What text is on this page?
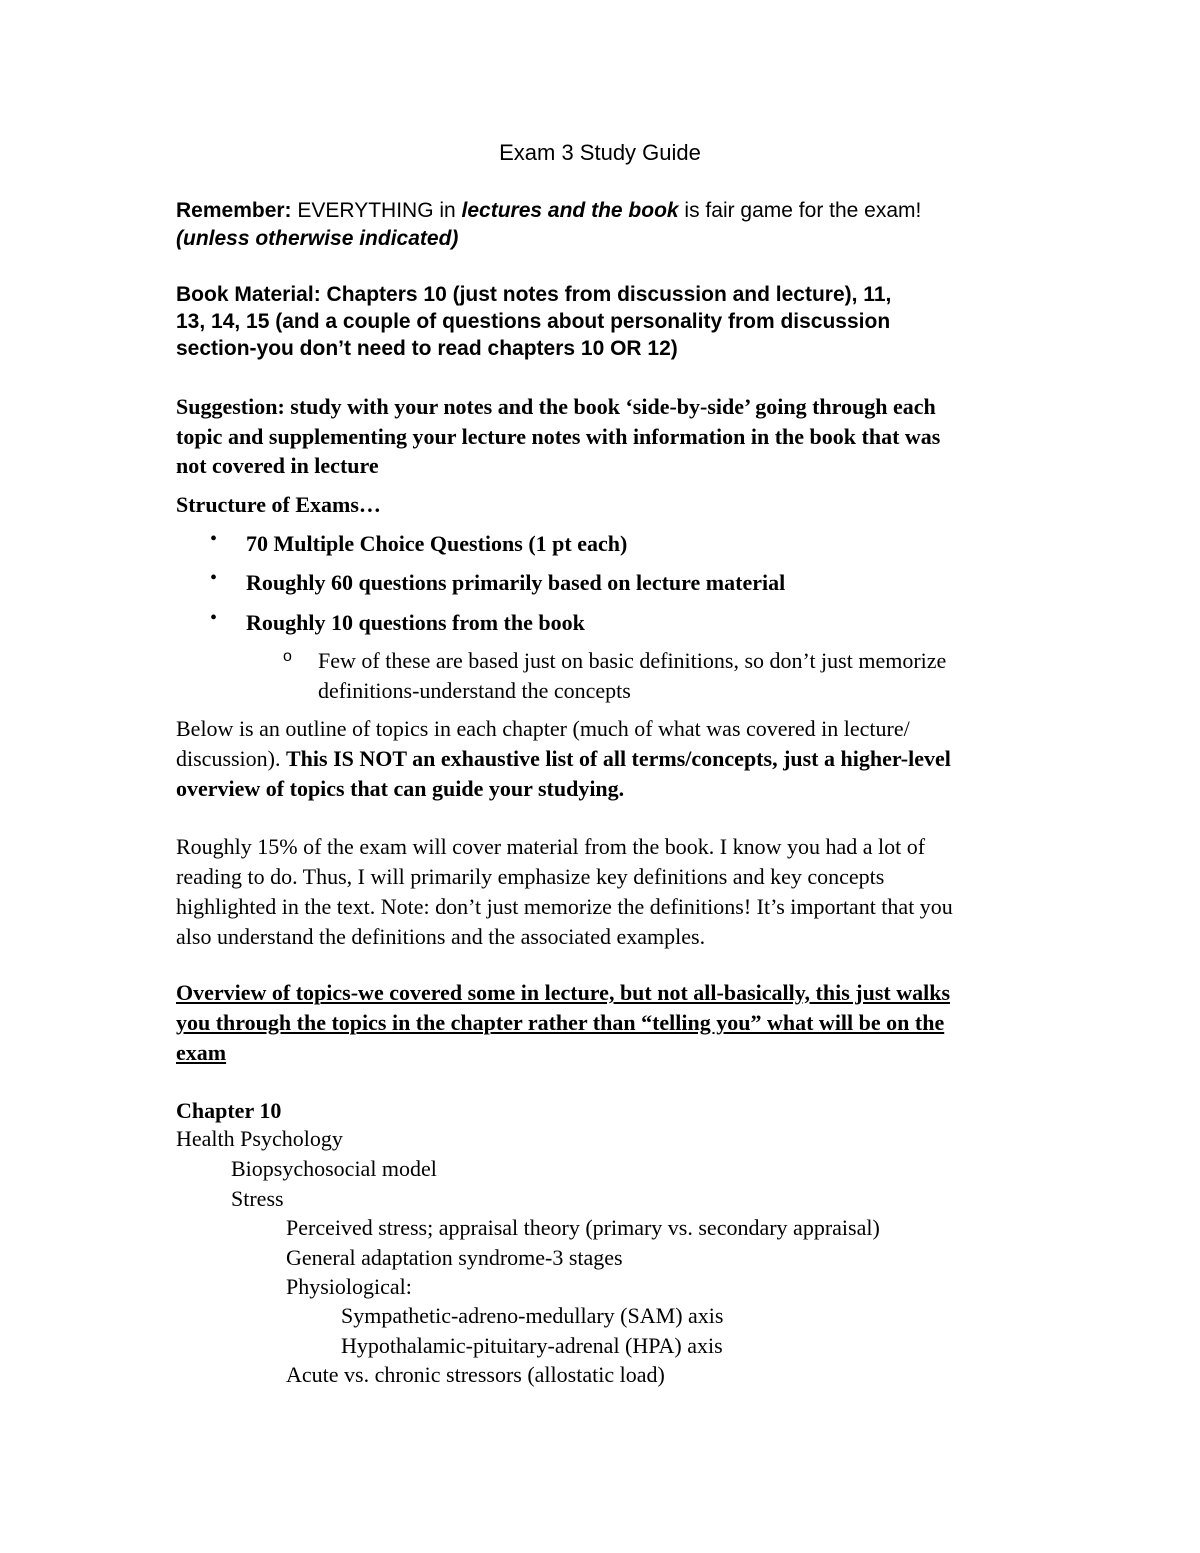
Exam 3 Study Guide
Remember: EVERYTHING in lectures and the book is fair game for the exam!
(unless otherwise indicated)
Book Material: Chapters 10 (just notes from discussion and lecture), 11,
13, 14, 15 (and a couple of questions about personality from discussion
section-you don’t need to read chapters 10 OR 12)
Suggestion: study with your notes and the book ‘side-by-side’ going through each
topic and supplementing your lecture notes with information in the book that was
not covered in lecture
Structure of Exams…
• 70 Multiple Choice Questions (1 pt each)
• Roughly 60 questions primarily based on lecture material
• Roughly 10 questions from the book
o Few of these are based just on basic definitions, so don’t just memorize
definitions-understand the concepts
Below is an outline of topics in each chapter (much of what was covered in lecture/
discussion). This IS NOT an exhaustive list of all terms/concepts, just a higher-level
overview of topics that can guide your studying.
Roughly 15% of the exam will cover material from the book. I know you had a lot of
reading to do. Thus, I will primarily emphasize key definitions and key concepts
highlighted in the text. Note: don’t just memorize the definitions! It’s important that you
also understand the definitions and the associated examples.
Overview of topics-we covered some in lecture, but not all-basically, this just walks
you through the topics in the chapter rather than “telling you” what will be on the
exam
Chapter 10
Health Psychology
Biopsychosocial model
Stress
Perceived stress; appraisal theory (primary vs. secondary appraisal)
General adaptation syndrome-3 stages
Physiological:
Sympathetic-adreno-medullary (SAM) axis
Hypothalamic-pituitary-adrenal (HPA) axis
Acute vs. chronic stressors (allostatic load)
